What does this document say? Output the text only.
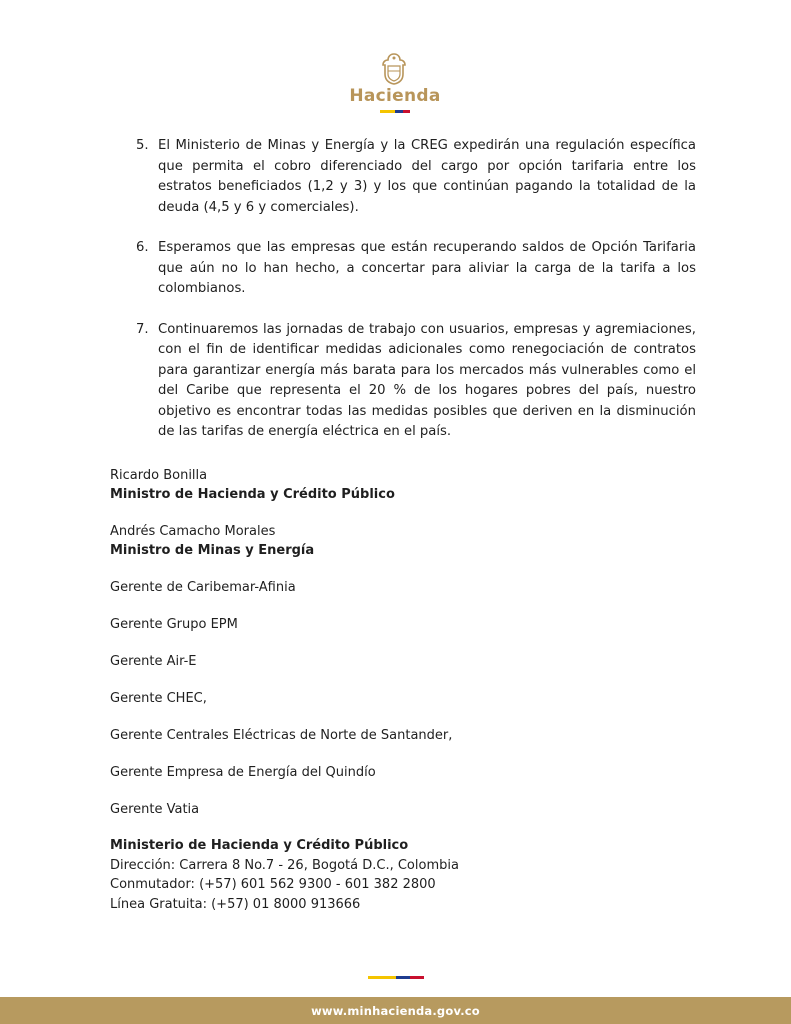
Hacienda
5. El Ministerio de Minas y Energía y la CREG expedirán una regulación específica que permita el cobro diferenciado del cargo por opción tarifaria entre los estratos beneficiados (1,2 y 3) y los que continúan pagando la totalidad de la deuda (4,5 y 6 y comerciales).
6. Esperamos que las empresas que están recuperando saldos de Opción Tarifaria que aún no lo han hecho, a concertar para aliviar la carga de la tarifa a los colombianos.
7. Continuaremos las jornadas de trabajo con usuarios, empresas y agremiaciones, con el fin de identificar medidas adicionales como renegociación de contratos para garantizar energía más barata para los mercados más vulnerables como el del Caribe que representa el 20 % de los hogares pobres del país, nuestro objetivo es encontrar todas las medidas posibles que deriven en la disminución de las tarifas de energía eléctrica en el país.
Ricardo Bonilla
Ministro de Hacienda y Crédito Público
Andrés Camacho Morales
Ministro de Minas y Energía
Gerente de Caribemar-Afinia
Gerente Grupo EPM
Gerente Air-E
Gerente CHEC,
Gerente Centrales Eléctricas de Norte de Santander,
Gerente Empresa de Energía del Quindío
Gerente Vatia
Ministerio de Hacienda y Crédito Público
Dirección: Carrera 8 No.7 - 26, Bogotá D.C., Colombia
Conmutador: (+57) 601 562 9300 - 601 382 2800
Línea Gratuita: (+57) 01 8000 913666
www.minhacienda.gov.co
